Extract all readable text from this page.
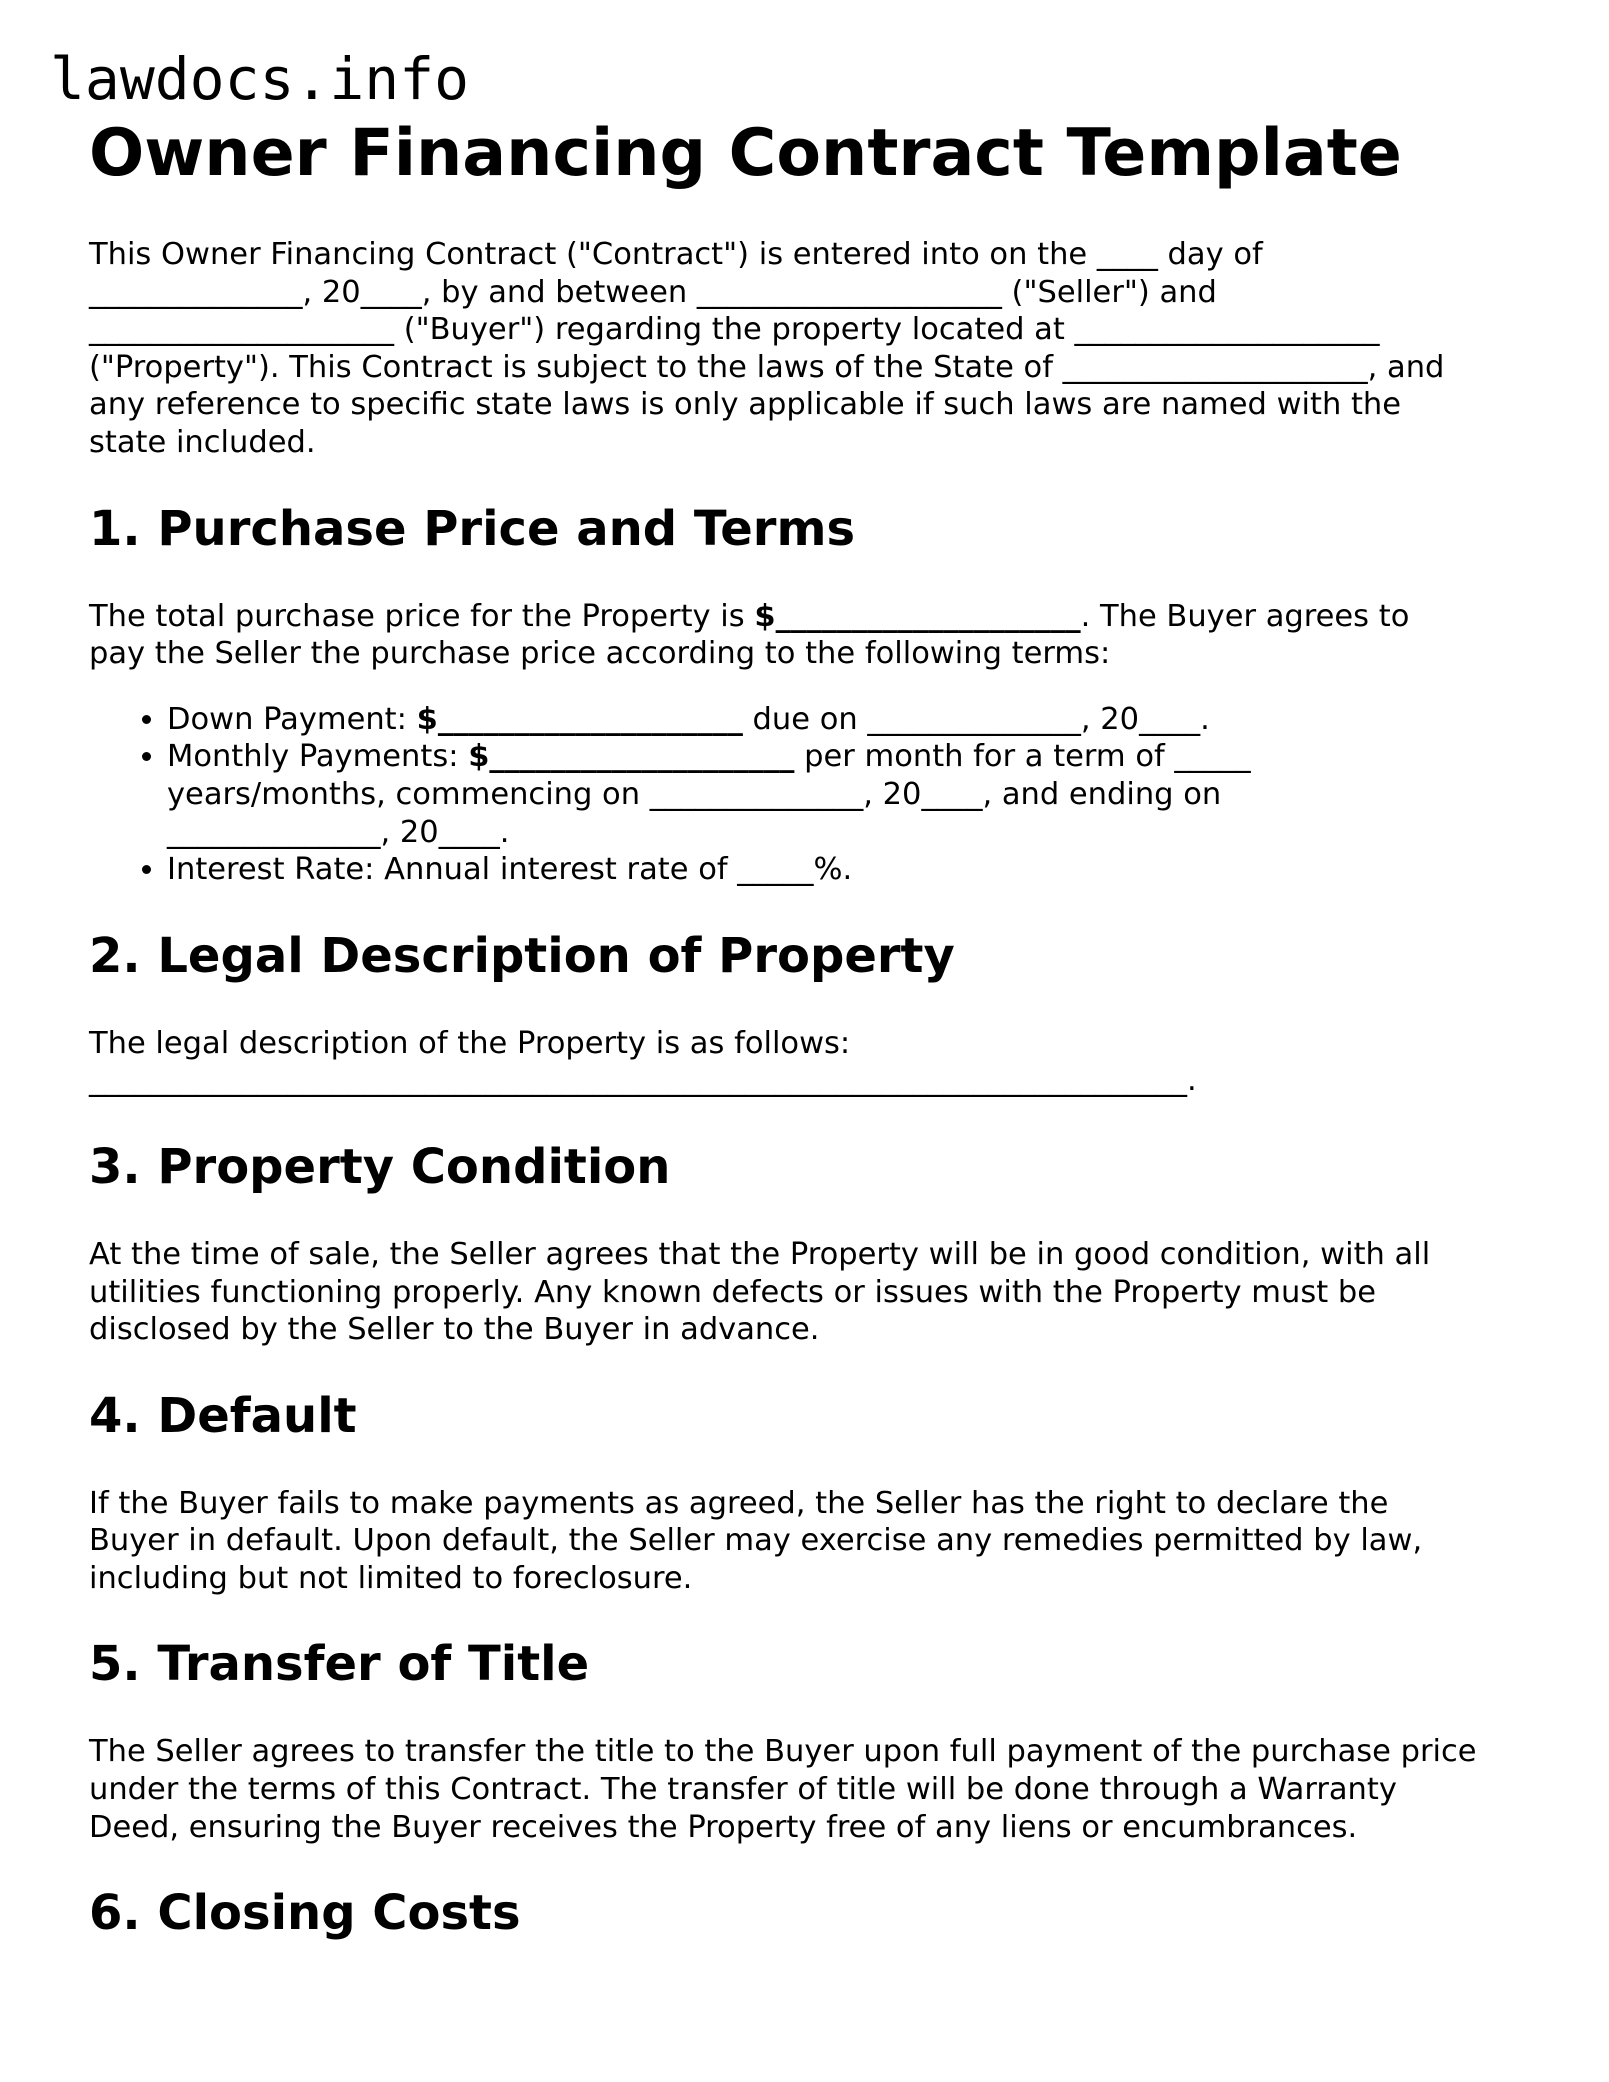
lawdocs.info
Owner Financing Contract Template

This Owner Financing Contract ("Contract") is entered into on the ____ day of
______________, 20____, by and between ____________________ ("Seller") and
____________________ ("Buyer") regarding the property located at ____________________
("Property"). This Contract is subject to the laws of the State of ____________________, and
any reference to specific state laws is only applicable if such laws are named with the
state included.

1. Purchase Price and Terms

The total purchase price for the Property is $____________________. The Buyer agrees to
pay the Seller the purchase price according to the following terms:

• Down Payment: $____________________ due on ______________, 20____.
• Monthly Payments: $____________________ per month for a term of _____
years/months, commencing on ______________, 20____, and ending on
______________, 20____.
• Interest Rate: Annual interest rate of _____%.
2. Legal Description of Property

The legal description of the Property is as follows:
________________________________________________________________________.

3. Property Condition

At the time of sale, the Seller agrees that the Property will be in good condition, with all
utilities functioning properly. Any known defects or issues with the Property must be
disclosed by the Seller to the Buyer in advance.

4. Default

If the Buyer fails to make payments as agreed, the Seller has the right to declare the
Buyer in default. Upon default, the Seller may exercise any remedies permitted by law,
including but not limited to foreclosure.

5. Transfer of Title

The Seller agrees to transfer the title to the Buyer upon full payment of the purchase price
under the terms of this Contract. The transfer of title will be done through a Warranty
Deed, ensuring the Buyer receives the Property free of any liens or encumbrances.

6. Closing Costs
